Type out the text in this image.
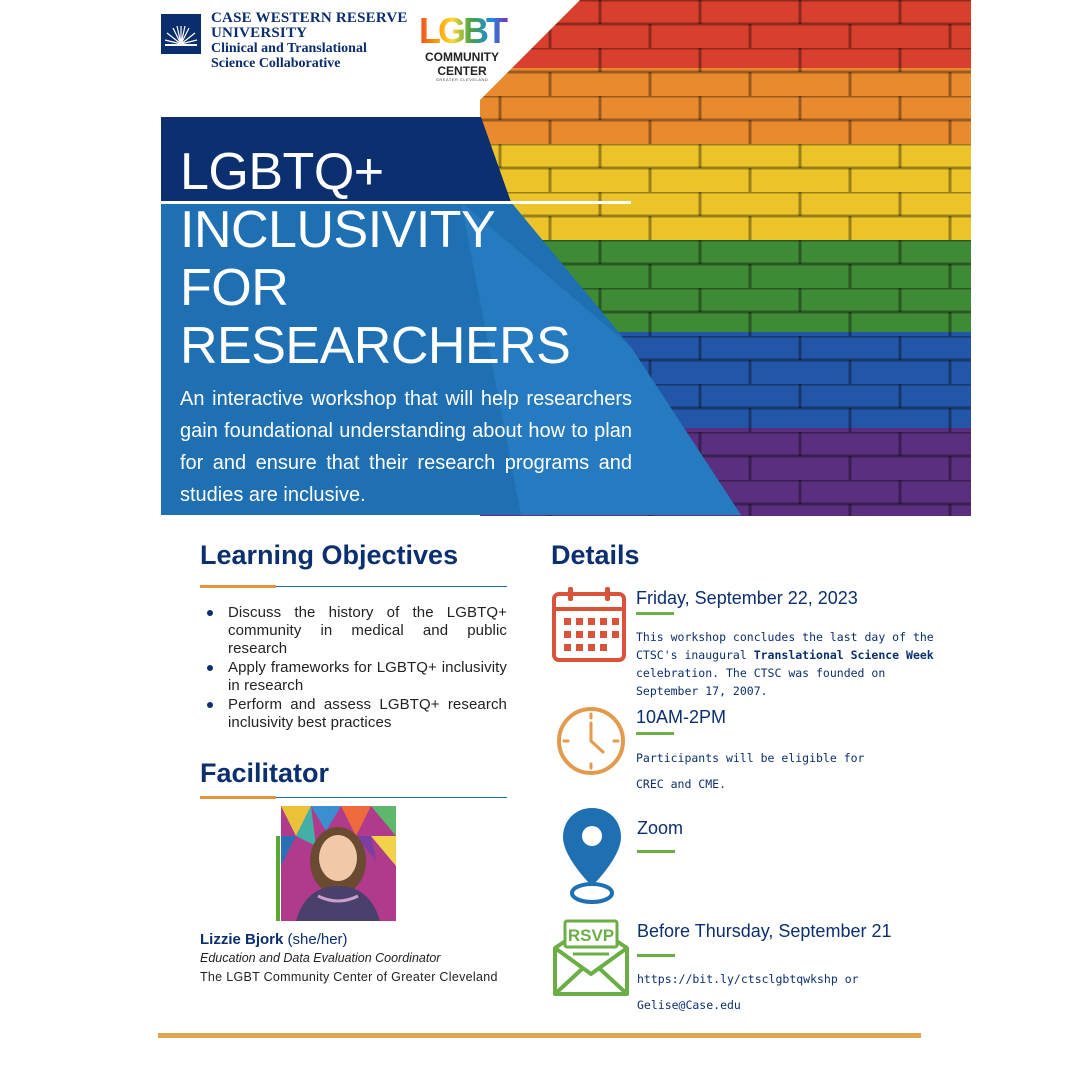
CASE WESTERN RESERVE
UNIVERSITY
Clinical and Translational
Science Collaborative
LGBT
COMMUNITY
CENTER
GREATER CLEVELAND
LGBTQ+
INCLUSIVITY
FOR
RESEARCHERS
An interactive workshop that will help researchers gain foundational understanding about how to plan for and ensure that their research programs and studies are inclusive.
Learning Objectives
Discuss the history of the LGBTQ+ community in medical and public research
Apply frameworks for LGBTQ+ inclusivity in research
Perform and assess LGBTQ+ research inclusivity best practices
Facilitator
Lizzie Bjork (she/her)
Education and Data Evaluation Coordinator
The LGBT Community Center of Greater Cleveland
Details
Friday, September 22, 2023
This workshop concludes the last day of the CTSC's inaugural Translational Science Week celebration. The CTSC was founded on September 17, 2007.
10AM-2PM
Participants will be eligible for CREC and CME.
Zoom
RSVP Before Thursday, September 21
https://bit.ly/ctsclgbtqwkshp or
Gelise@Case.edu
